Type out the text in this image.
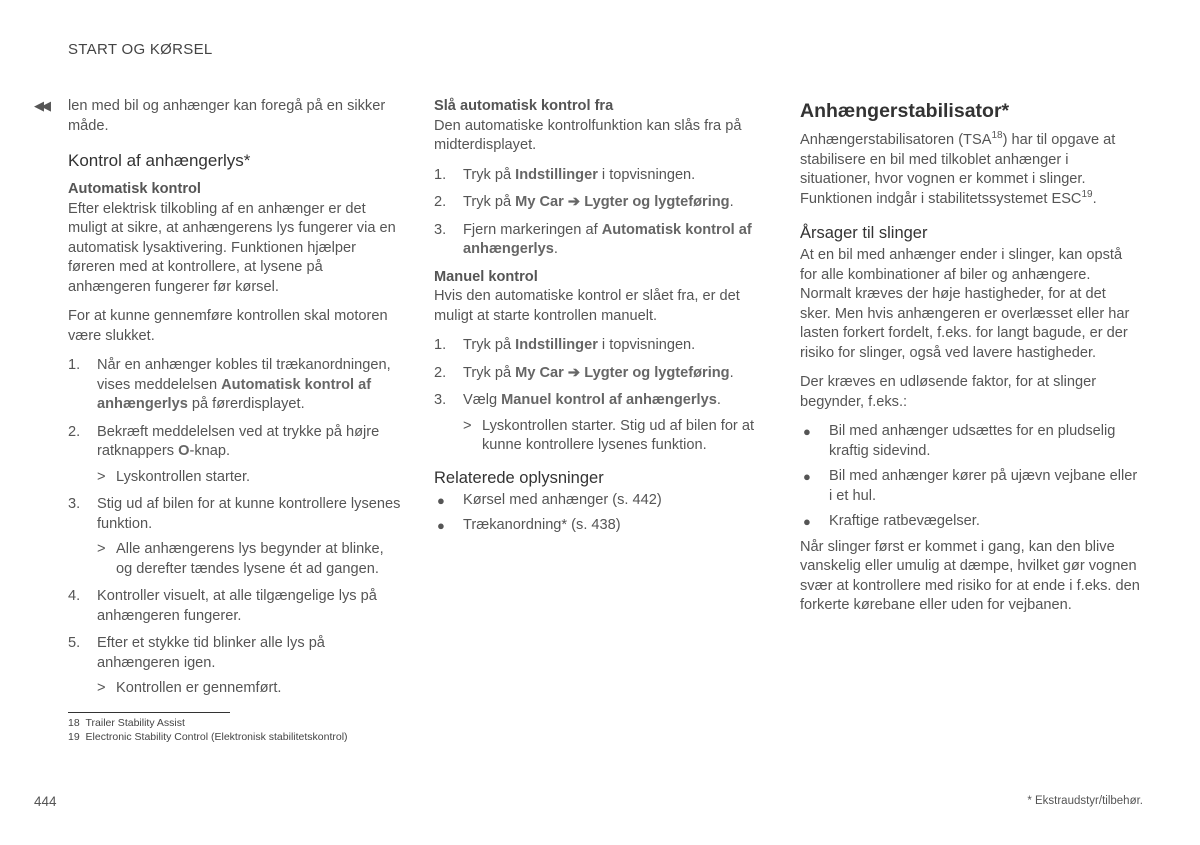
START OG KØRSEL
◀◀ len med bil og anhænger kan foregå på en sikker måde.

Kontrol af anhængerlys*
Automatisk kontrol

Efter elektrisk tilkobling af en anhænger er det muligt at sikre, at anhængerens lys fungerer via en automatisk lysaktivering. Funktionen hjælper føreren med at kontrollere, at lysene på anhængeren fungerer før kørsel.

For at kunne gennemføre kontrollen skal motoren være slukket.

1. Når en anhænger kobles til trækanordningen, vises meddelelsen Automatisk kontrol af anhængerlys på førerdisplayet.
2. Bekræft meddelelsen ved at trykke på højre ratknappers O-knap.
> Lyskontrollen starter.
3. Stig ud af bilen for at kunne kontrollere lysenes funktion.
> Alle anhængerens lys begynder at blinke, og derefter tændes lysene ét ad gangen.
4. Kontroller visuelt, at alle tilgængelige lys på anhængeren fungerer.
5. Efter et stykke tid blinker alle lys på anhængeren igen.
> Kontrollen er gennemført.
Slå automatisk kontrol fra

Den automatiske kontrolfunktion kan slås fra på midterdisplayet.

1. Tryk på Indstillinger i topvisningen.
2. Tryk på My Car ➔ Lygter og lygteføring.
3. Fjern markeringen af Automatisk kontrol af anhængerlys.
Manuel kontrol

Hvis den automatiske kontrol er slået fra, er det muligt at starte kontrollen manuelt.

1. Tryk på Indstillinger i topvisningen.
2. Tryk på My Car ➔ Lygter og lygteføring.
3. Vælg Manuel kontrol af anhængerlys.
> Lyskontrollen starter. Stig ud af bilen for at kunne kontrollere lysenes funktion.
Relaterede oplysninger
● Kørsel med anhænger (s. 442)
● Trækanordning* (s. 438)
Anhængerstabilisator*

Anhængerstabilisatoren (TSA$^{18}$) har til opgave at stabilisere en bil med tilkoblet anhænger i situationer, hvor vognen er kommet i slinger. Funktionen indgår i stabilitetssystemet ESC$^{19}$.

Årsager til slinger

At en bil med anhænger ender i slinger, kan opstå for alle kombinationer af biler og anhængere. Normalt kræves der høje hastigheder, for at det sker. Men hvis anhængeren er overlæsset eller har lasten forkert fordelt, f.eks. for langt bagude, er der risiko for slinger, også ved lavere hastigheder.

Der kræves en udløsende faktor, for at slinger begynder, f.eks.:

● Bil med anhænger udsættes for en pludselig kraftig sidevind.
● Bil med anhænger kører på ujævn vejbane eller i et hul.
● Kraftige ratbevægelser.

Når slinger først er kommet i gang, kan den blive vanskelig eller umulig at dæmpe, hvilket gør vognen svær at kontrollere med risiko for at ende i f.eks. den forkerte kørebane eller uden for vejbanen.

18 Trailer Stability Assist
19 Electronic Stability Control (Elektronisk stabilitetskontrol)
444	* Ekstraudstyr/tilbehør.
